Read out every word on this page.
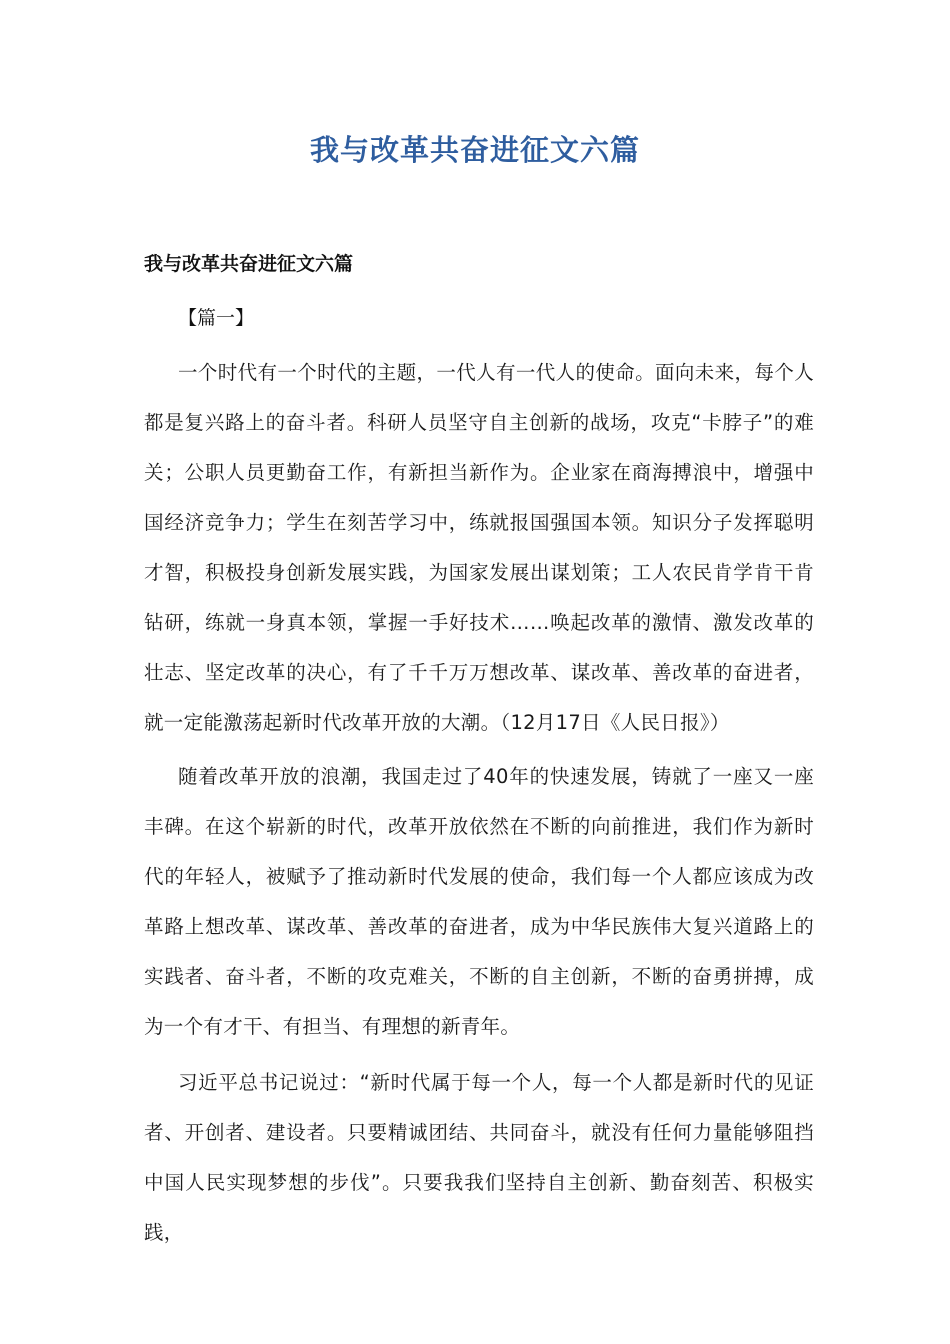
我与改革共奋进征文六篇
我与改革共奋进征文六篇
【篇一】

一个时代有一个时代的主题，一代人有一代人的使命。面向未来，每个人都是复兴路上的奋斗者。科研人员坚守自主创新的战场，攻克“卡脖子”的难关；公职人员更勤奋工作，有新担当新作为。企业家在商海搏浪中，增强中国经济竞争力；学生在刻苦学习中，练就报国强国本领。知识分子发挥聪明才智，积极投身创新发展实践，为国家发展出谋划策；工人农民肯学肯干肯钻研，练就一身真本领，掌握一手好技术……唤起改革的激情、激发改革的壮志、坚定改革的决心，有了千千万万想改革、谋改革、善改革的奋进者，就一定能激荡起新时代改革开放的大潮。（12月17日《人民日报》）

随着改革开放的浪潮，我国走过了40年的快速发展，铸就了一座又一座丰碑。在这个崭新的时代，改革开放依然在不断的向前推进，我们作为新时代的年轻人，被赋予了推动新时代发展的使命，我们每一个人都应该成为改革路上想改革、谋改革、善改革的奋进者，成为中华民族伟大复兴道路上的实践者、奋斗者，不断的攻克难关，不断的自主创新，不断的奋勇拼搏，成为一个有才干、有担当、有理想的新青年。

习近平总书记说过：“新时代属于每一个人，每一个人都是新时代的见证者、开创者、建设者。只要精诚团结、共同奋斗，就没有任何力量能够阻挡中国人民实现梦想的步伐”。只要我我们坚持自主创新、勤奋刻苦、积极实践，
